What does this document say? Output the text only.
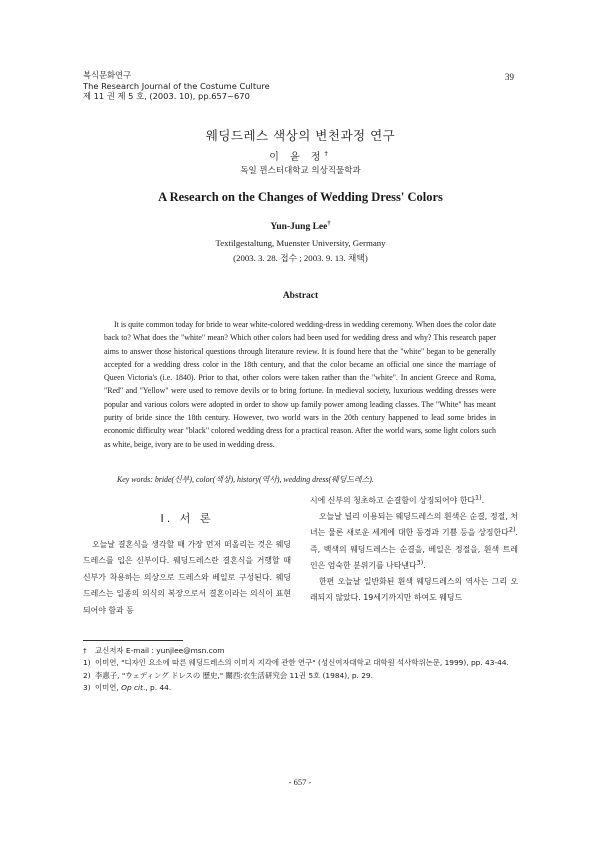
복식문화연구
The Research Journal of the Costume Culture
제 11 권 제 5 호, (2003. 10), pp.657~670
39
웨딩드레스 색상의 변천과정 연구
이 윤 정†
독일 뮌스터대학교 의상직물학과
A Research on the Changes of Wedding Dress' Colors
Yun-Jung Lee†
Textilgestaltung, Muenster University, Germany
(2003. 3. 28. 접수 ; 2003. 9. 13. 채택)
Abstract

It is quite common today for bride to wear white-colored wedding-dress in wedding ceremony. When does the color date back to? What does the "white" mean? Which other colors had been used for wedding dress and why? This research paper aims to answer those historical questions through literature review. It is found here that the "white" began to be generally accepted for a wedding dress color in the 18th century, and that the color became an official one since the marriage of Queen Victoria's (i.e. 1840). Prior to that, other colors were taken rather than the "white". In ancient Greece and Roma, "Red" and "Yellow" were used to remove devils or to bring fortune. In medieval society, luxurious wedding dresses were popular and various colors were adopted in order to show up family power among leading classes. The "White" has meant purity of bride since the 18th century. However, two world wars in the 20th century happened to lead some brides in economic difficulty wear "black" colored wedding dress for a practical reason. After the world wars, some light colors such as white, beige, ivory are to be used in wedding dress.

Key words: bride(신부), color(색상), history(역사), wedding dress(웨딩드레스).
Ⅰ. 서 론

오늘날 결혼식을 생각할 때 가장 먼저 떠올리는 것은 웨딩드레스를 입은 신부이다. 웨딩드레스란 결혼식을 거행할 때 신부가 착용하는 의상으로 드레스와 베일로 구성된다. 웨딩드레스는 일종의 의식의 복장으로서 결혼이라는 의식이 표현되어야 함과 동

시에 신부의 청초하고 순결함이 상징되어야 한다$^{1)}$.

오늘날 널리 이용되는 웨딩드레스의 흰색은 순결, 정절, 처녀는 물론 새로운 세계에 대한 동경과 기쁨 등을 상징한다$^{2)}$. 즉, 백색의 웨딩드레스는 순결을, 베일은 정절을, 흰색 트레인은 엄숙한 분위기를 나타낸다$^{3)}$.

한편 오늘날 일반화된 흰색 웨딩드레스의 역사는 그리 오래되지 않았다. 19세기까지만 하여도 웨딩드

† 교신저자 E-mail : yunjlee@msn.com
1) 이미연, "디자인 요소에 따른 웨딩드레스의 이미지 지각에 관한 연구" (성신여자대학교 대학원 석사학위논문, 1999), pp. 43-44.
2) 李惠子, "ウェディング ドレスの 歷史," 關西:衣生活研究会 11권 5호 (1984), p. 29.
3) 이미연, Op cit., p. 44.
- 657 -
